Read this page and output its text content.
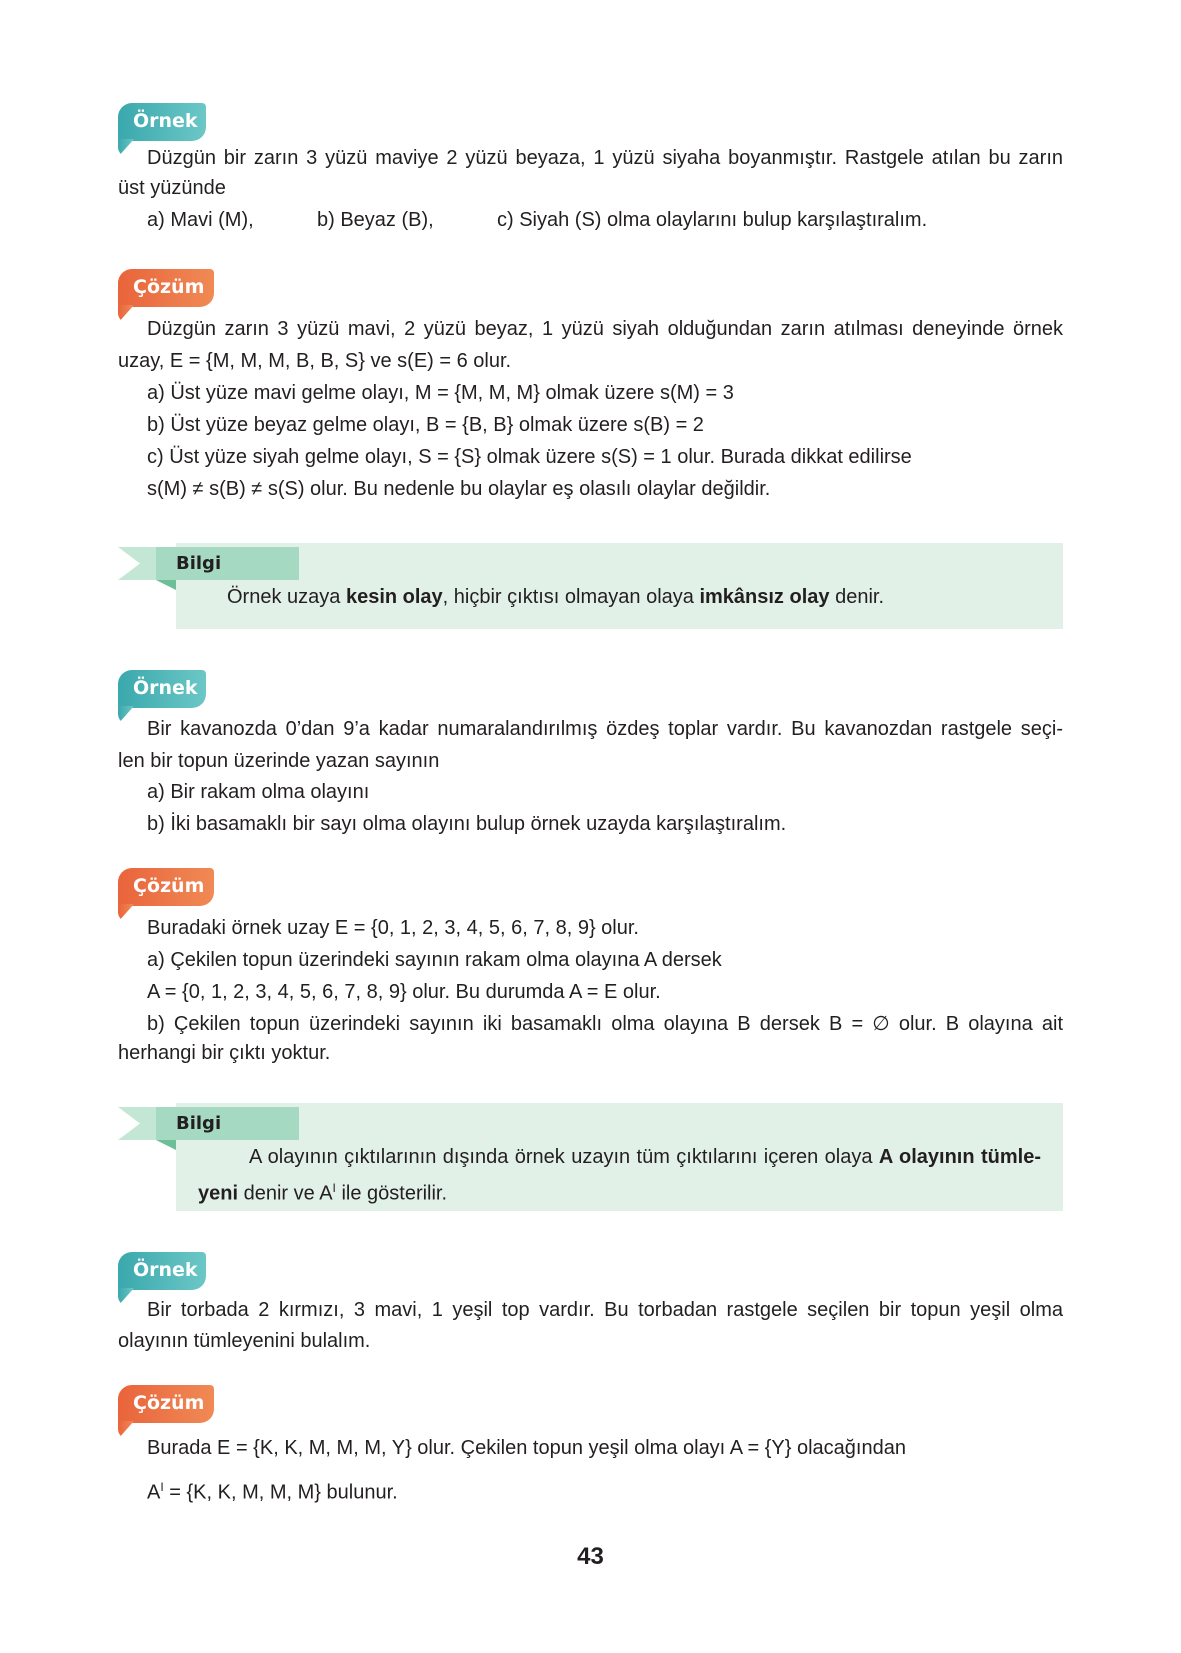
Örnek
Düzgün bir zarın 3 yüzü maviye 2 yüzü beyaza, 1 yüzü siyaha boyanmıştır. Rastgele atılan bu zarın
üst yüzünde
a) Mavi (M),	b) Beyaz (B),	c) Siyah (S) olma olaylarını bulup karşılaştıralım.
Çözüm
Düzgün zarın 3 yüzü mavi, 2 yüzü beyaz, 1 yüzü siyah olduğundan zarın atılması deneyinde örnek
uzay, E = {M, M, M, B, B, S} ve s(E) = 6 olur.
a) Üst yüze mavi gelme olayı, M = {M, M, M} olmak üzere s(M) = 3
b) Üst yüze beyaz gelme olayı, B = {B, B} olmak üzere s(B) = 2
c) Üst yüze siyah gelme olayı, S = {S} olmak üzere s(S) = 1 olur. Burada dikkat edilirse
s(M) ≠ s(B) ≠ s(S) olur. Bu nedenle bu olaylar eş olasılı olaylar değildir.
Örnek uzaya kesin olay, hiçbir çıktısı olmayan olaya imkânsız olay denir.
Bilgi
Örnek
Bir kavanozda 0’dan 9’a kadar numaralandırılmış özdeş toplar vardır. Bu kavanozdan rastgele seçi-
len bir topun üzerinde yazan sayının
a) Bir rakam olma olayını
b) İki basamaklı bir sayı olma olayını bulup örnek uzayda karşılaştıralım.
Çözüm
Buradaki örnek uzay E = {0, 1, 2, 3, 4, 5, 6, 7, 8, 9} olur.
a) Çekilen topun üzerindeki sayının rakam olma olayına A dersek
A = {0, 1, 2, 3, 4, 5, 6, 7, 8, 9} olur. Bu durumda A = E olur.
b) Çekilen topun üzerindeki sayının iki basamaklı olma olayına B dersek B = ∅ olur. B olayına ait
herhangi bir çıktı yoktur.
A olayının çıktılarının dışında örnek uzayın tüm çıktılarını içeren olaya A olayının tümle-
yeni denir ve $A^I$ ile gösterilir.
Bilgi
Örnek
Bir torbada 2 kırmızı, 3 mavi, 1 yeşil top vardır. Bu torbadan rastgele seçilen bir topun yeşil olma
olayının tümleyenini bulalım.
Çözüm
Burada E = {K, K, M, M, M, Y} olur. Çekilen topun yeşil olma olayı A = {Y} olacağından
$A^I = \{K$, K, M, M, M} bulunur.
43
